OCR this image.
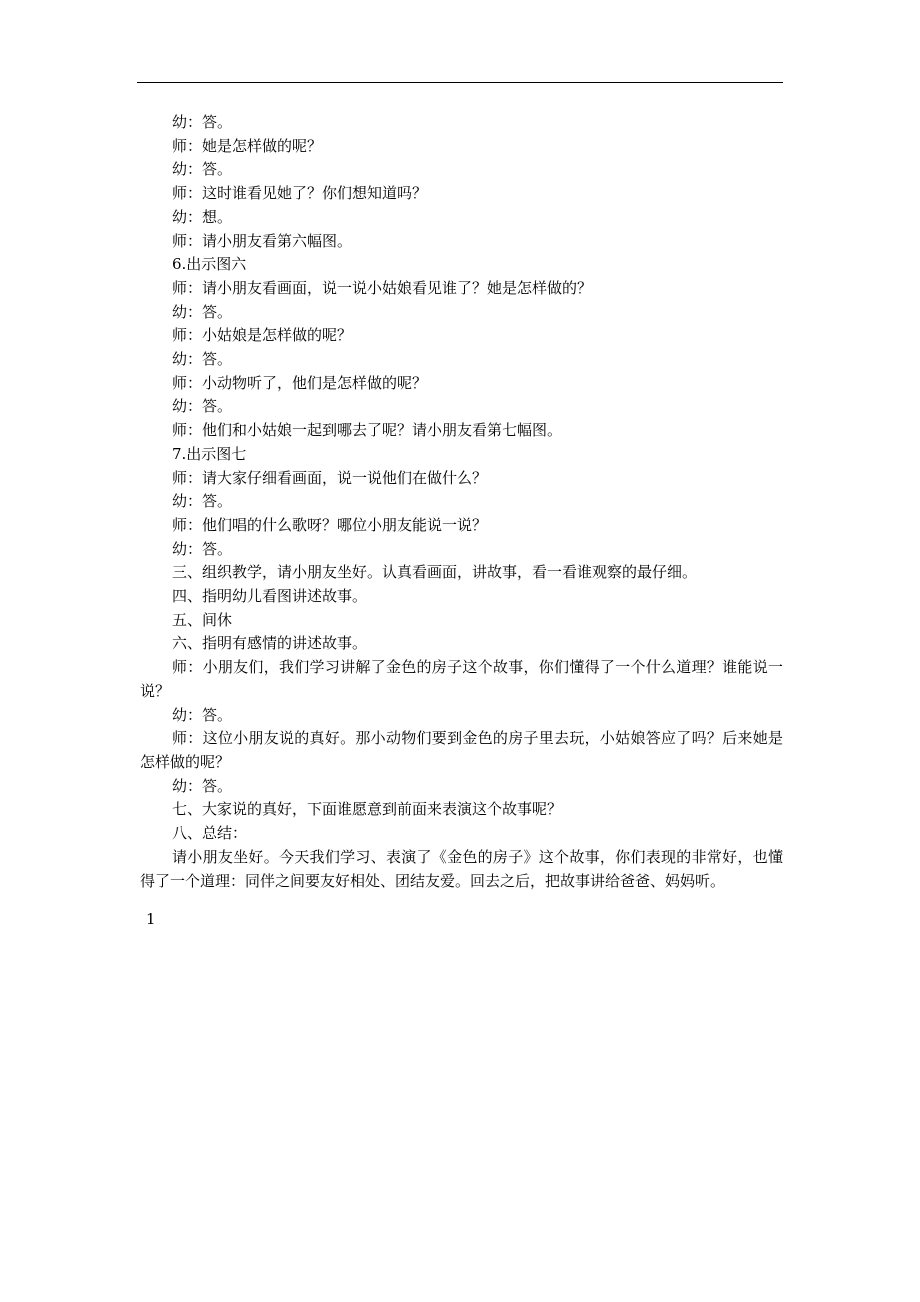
幼：答。

师：她是怎样做的呢？

幼：答。

师：这时谁看见她了？你们想知道吗？

幼：想。

师：请小朋友看第六幅图。

6.出示图六

师：请小朋友看画面，说一说小姑娘看见谁了？她是怎样做的？

幼：答。

师：小姑娘是怎样做的呢？

幼：答。

师：小动物听了，他们是怎样做的呢？

幼：答。

师：他们和小姑娘一起到哪去了呢？请小朋友看第七幅图。

7.出示图七

师：请大家仔细看画面，说一说他们在做什么？

幼：答。

师：他们唱的什么歌呀？哪位小朋友能说一说？

幼：答。

三、组织教学，请小朋友坐好。认真看画面，讲故事，看一看谁观察的最仔细。

四、指明幼儿看图讲述故事。

五、间休

六、指明有感情的讲述故事。

师：小朋友们，我们学习讲解了金色的房子这个故事，你们懂得了一个什么道理？谁能说一说？

幼：答。

师：这位小朋友说的真好。那小动物们要到金色的房子里去玩，小姑娘答应了吗？后来她是怎样做的呢？

幼：答。

七、大家说的真好，下面谁愿意到前面来表演这个故事呢？

八、总结：

请小朋友坐好。今天我们学习、表演了《金色的房子》这个故事，你们表现的非常好，也懂得了一个道理：同伴之间要友好相处、团结友爱。回去之后，把故事讲给爸爸、妈妈听。

1
